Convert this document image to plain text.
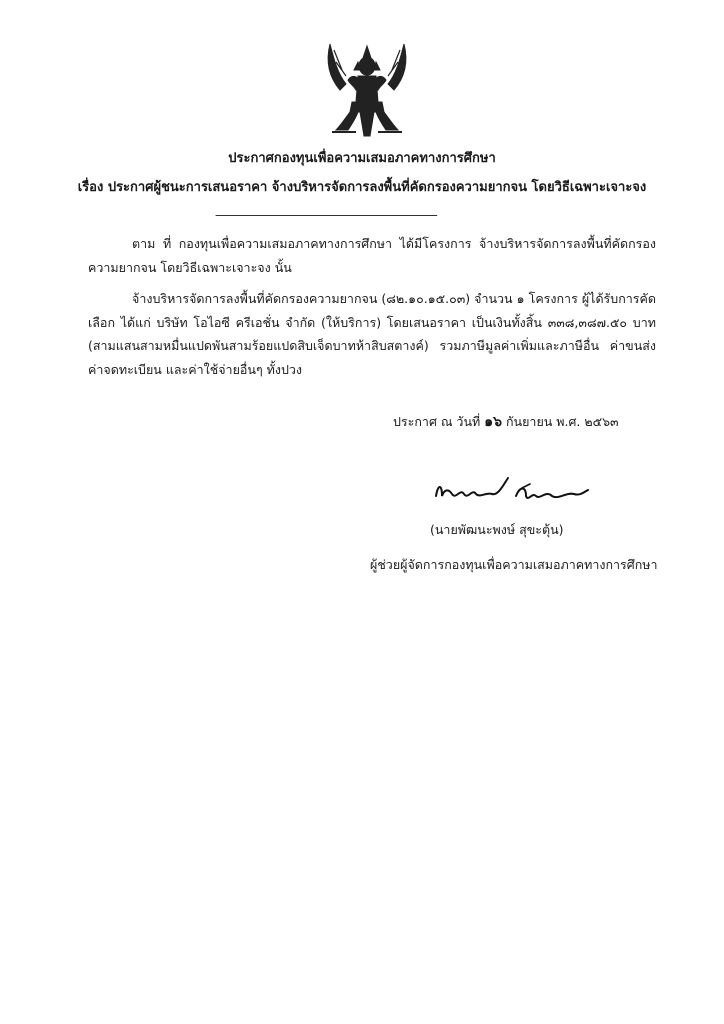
ประกาศกองทุนเพื่อความเสมอภาคทางการศึกษา
เรื่อง ประกาศผู้ชนะการเสนอราคา จ้างบริหารจัดการลงพื้นที่คัดกรองความยากจน โดยวิธีเฉพาะเจาะจง
---------------------------------------------------------------------------------
ตาม ที่ กองทุนเพื่อความเสมอภาคทางการศึกษา ได้มีโครงการ จ้างบริหารจัดการลงพื้นที่คัดกรองความยากจน โดยวิธีเฉพาะเจาะจง นั้น
จ้างบริหารจัดการลงพื้นที่คัดกรองความยากจน (๘๒.๑๐.๑๕.๐๓) จำนวน ๑ โครงการ ผู้ได้รับการคัดเลือก ได้แก่ บริษัท โอไอซี ครีเอชั่น จำกัด (ให้บริการ) โดยเสนอราคา เป็นเงินทั้งสิ้น ๓๓๘,๓๘๗.๕๐ บาท (สามแสนสามหมื่นแปดพันสามร้อยแปดสิบเจ็ดบาทห้าสิบสตางค์) รวมภาษีมูลค่าเพิ่มและภาษีอื่น ค่าขนส่ง ค่าจดทะเบียน และค่าใช้จ่ายอื่นๆ ทั้งปวง
ประกาศ ณ วันที่ ๑๖ กันยายน พ.ศ. ๒๕๖๓
(นายพัฒนะพงษ์ สุขะตุ้น)
ผู้ช่วยผู้จัดการกองทุนเพื่อความเสมอภาคทางการศึกษา
